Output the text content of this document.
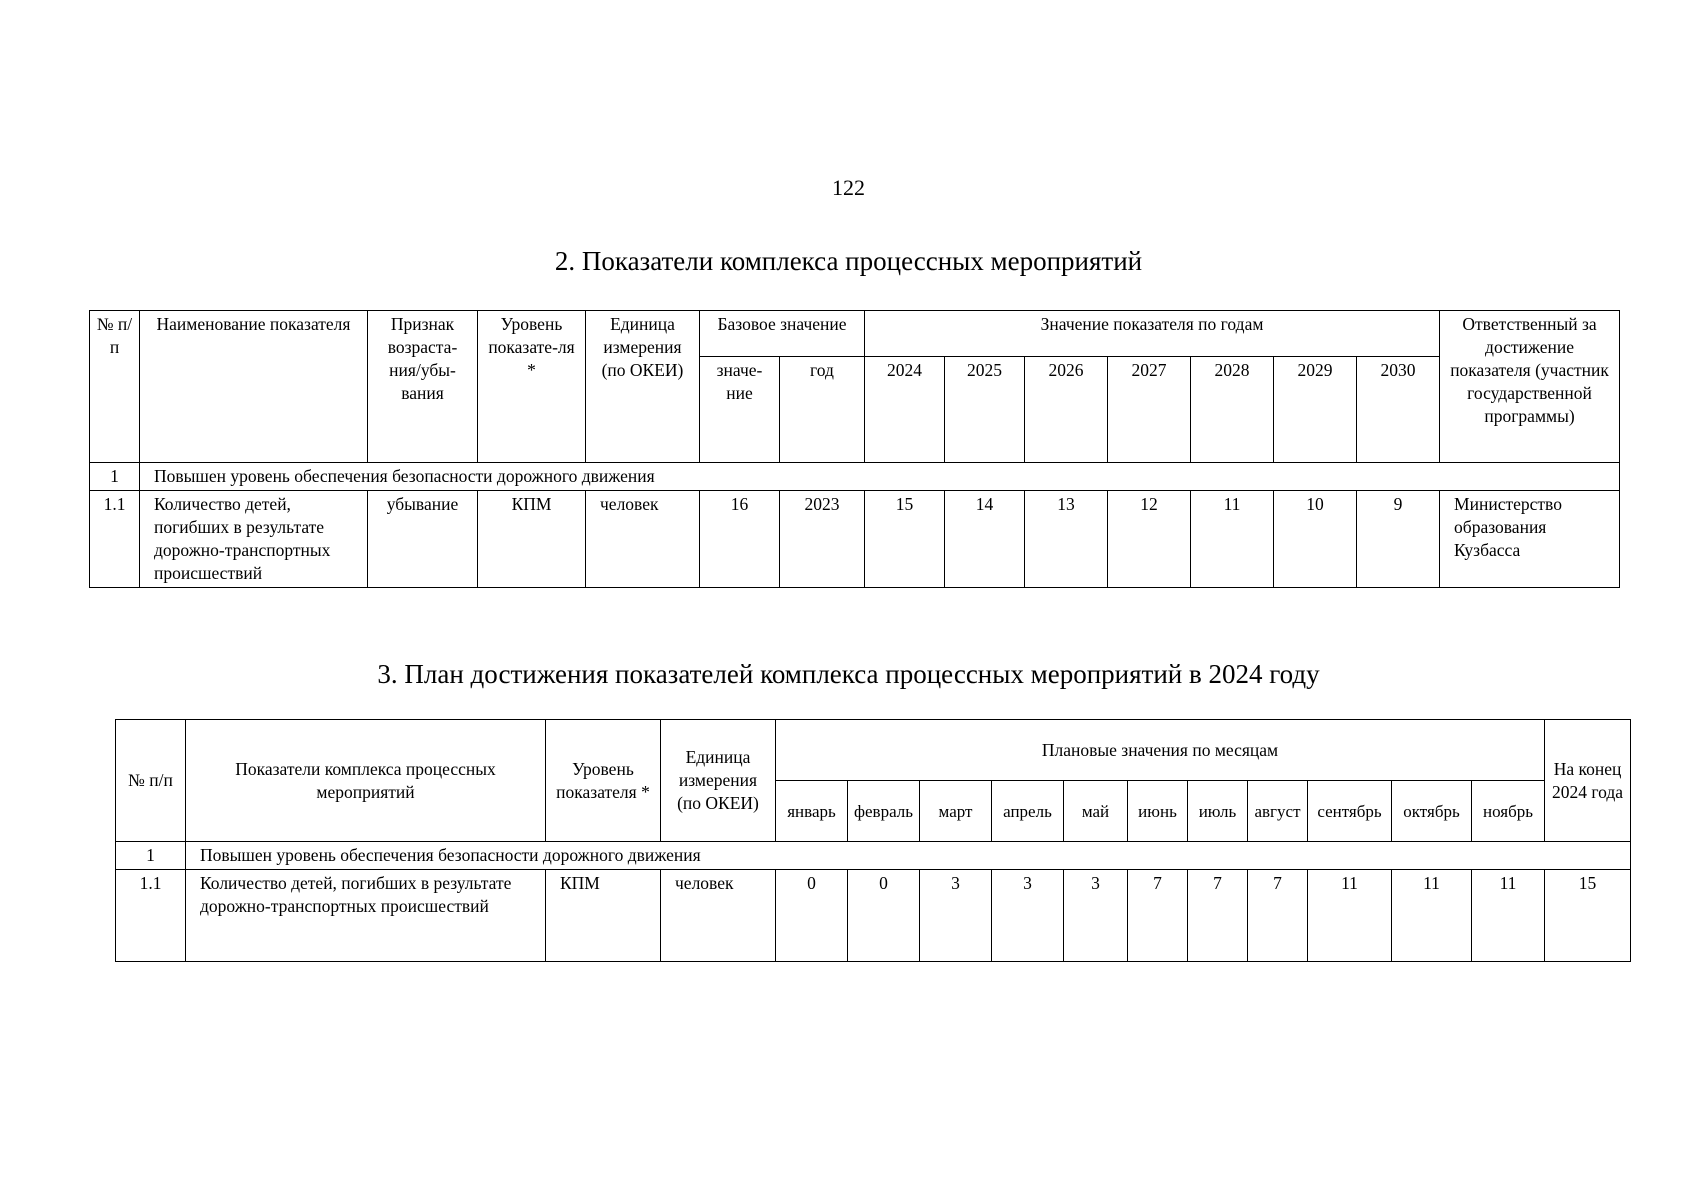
122
2. Показатели комплекса процессных мероприятий
№ п/п	Наименование показателя	Признак возраста-ния/убы-вания	Уровень показате-ля *	Единица измерения (по ОКЕИ)	Базовое значение		Значение показателя по годам							Ответственный за достижение показателя (участник государственной программы)
					значе-ние	год	2024	2025	2026	2027	2028	2029	2030	
1	Повышен уровень обеспечения безопасности дорожного движения													
1.1	Количество детей, погибших в результате дорожно-транспортных происшествий	убывание	КПМ	человек	16	2023	15	14	13	12	11	10	9	Министерство образования Кузбасса
3. План достижения показателей комплекса процессных мероприятий в 2024 году
№ п/п	Показатели комплекса процессных мероприятий	Уровень показателя *	Единица измерения (по ОКЕИ)	Плановые значения по месяцам											На конец 2024 года
				январь	февраль	март	апрель	май	июнь	июль	август	сентябрь	октябрь	ноябрь	
1	Повышен уровень обеспечения безопасности дорожного движения														
1.1	Количество детей, погибших в результате дорожно-транспортных происшествий	КПМ	человек	0	0	3	3	3	7	7	7	11	11	11	15
